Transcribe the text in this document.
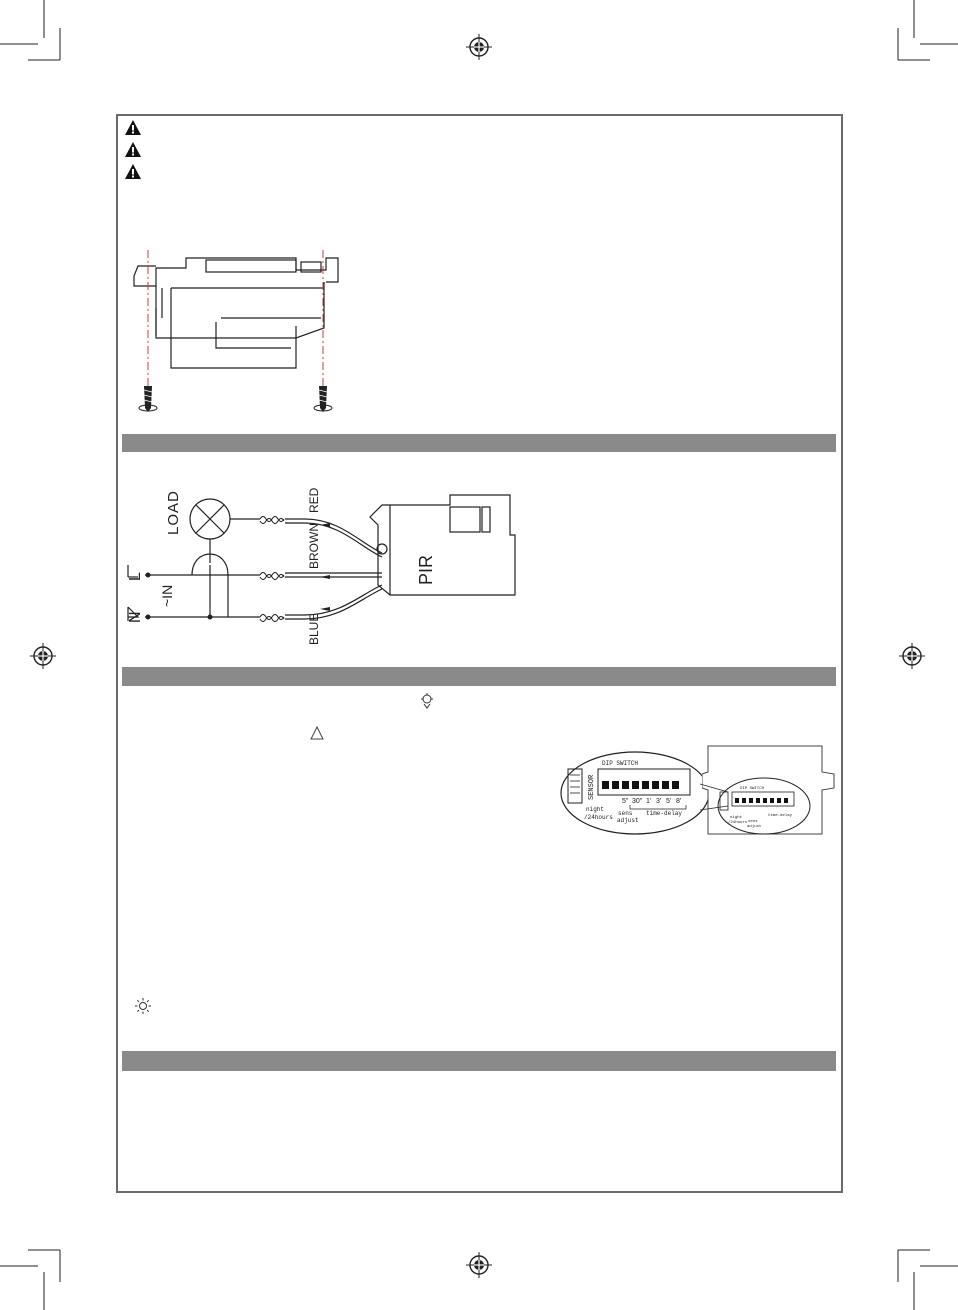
LOAD
L
N
~IN
RED
BROWN
BLUE
PIR
SENSOR
DIP SWITCH
5" 30" 1' 3' 5' 8'
night
/24hours
sens
adjust
time-delay
DIP SWITCH
night
/24hours sens
adjust
time-delay
